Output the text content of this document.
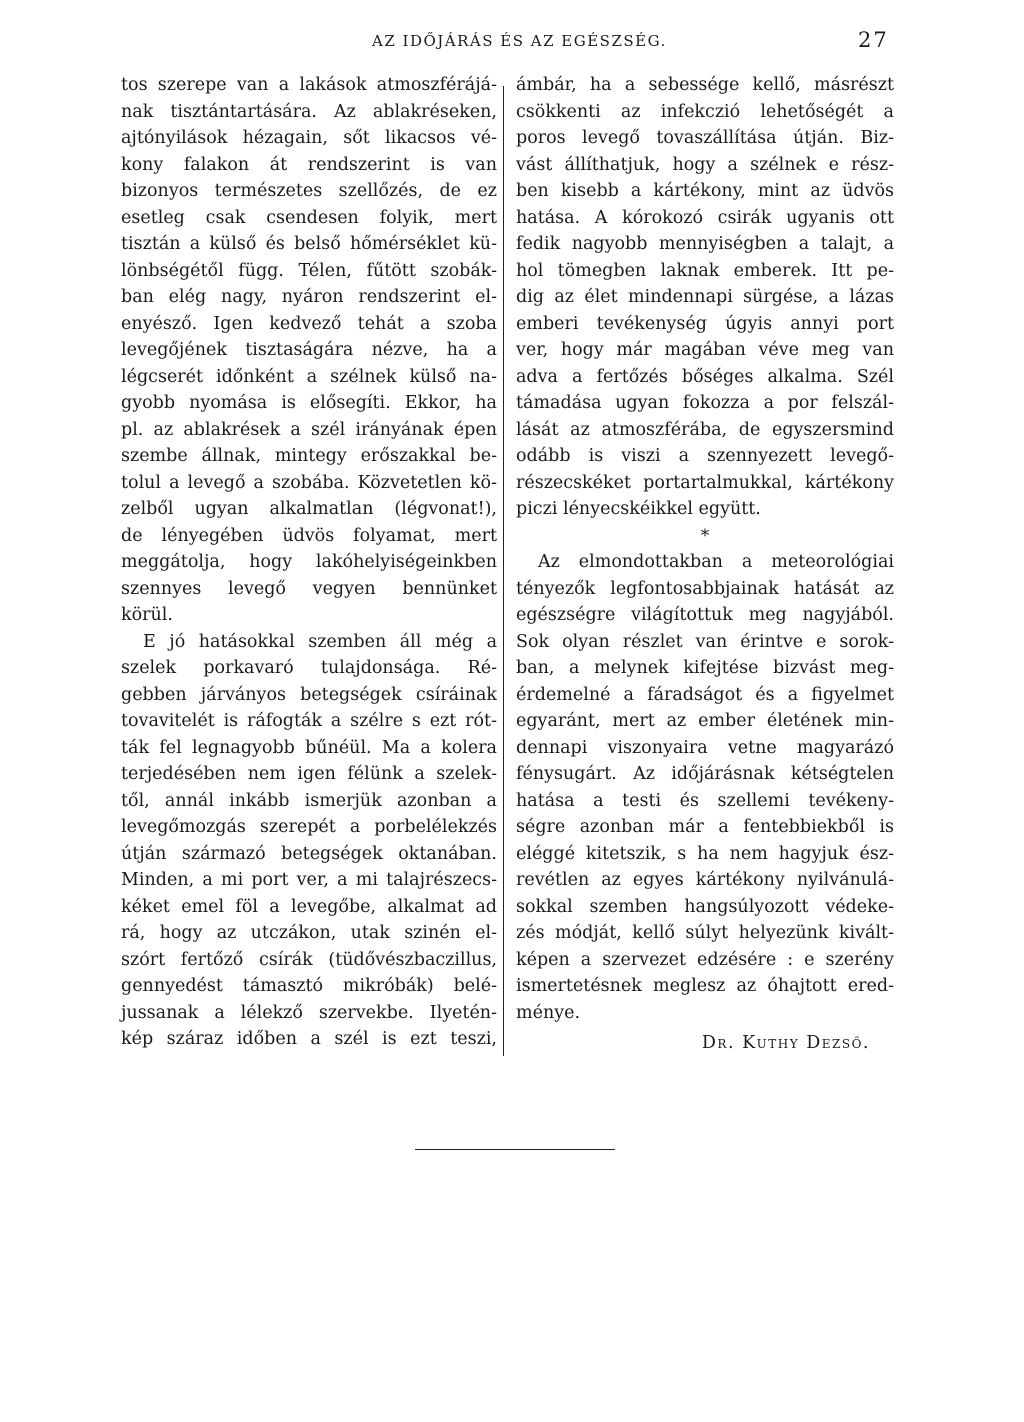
AZ IDŐJÁRÁS ÉS AZ EGÉSZSÉG.	27
tos szerepe van a lakások atmoszférájá-
nak tisztántartására. Az ablakréseken,
ajtónyilások hézagain, sőt likacsos vé-
kony falakon át rendszerint is van
bizonyos természetes szellőzés, de ez
esetleg csak csendesen folyik, mert
tisztán a külső és belső hőmérséklet kü-
lönbségétől függ. Télen, fűtött szobák-
ban elég nagy, nyáron rendszerint el-
enyésző. Igen kedvező tehát a szoba
levegőjének tisztaságára nézve, ha a
légcserét időnként a szélnek külső na-
gyobb nyomása is elősegíti. Ekkor, ha
pl. az ablakrések a szél irányának épen
szembe állnak, mintegy erőszakkal be-
tolul a levegő a szobába. Közvetetlen kö-
zelből ugyan alkalmatlan (légvonat!),
de lényegében üdvös folyamat, mert
meggátolja, hogy lakóhelyiségeinkben
szennyes levegő vegyen bennünket
körül.
E jó hatásokkal szemben áll még a
szelek porkavaró tulajdonsága. Ré-
gebben járványos betegségek csíráinak
tovavitelét is ráfogták a szélre s ezt rót-
ták fel legnagyobb bűnéül. Ma a kolera
terjedésében nem igen félünk a szelek-
től, annál inkább ismerjük azonban a
levegőmozgás szerepét a porbelélekzés
útján származó betegségek oktanában.
Minden, a mi port ver, a mi talajrészecs-
kéket emel föl a levegőbe, alkalmat ad
rá, hogy az utczákon, utak szinén el-
szórt fertőző csírák (tüdővészbaczillus,
gennyedést támasztó mikróbák) belé-
jussanak a lélekző szervekbe. Ilyetén-
kép száraz időben a szél is ezt teszi,
ámbár, ha a sebessége kellő, másrészt
csökkenti az infekczió lehetőségét a
poros levegő tovaszállítása útján. Biz-
vást állíthatjuk, hogy a szélnek e rész-
ben kisebb a kártékony, mint az üdvös
hatása. A kórokozó csirák ugyanis ott
fedik nagyobb mennyiségben a talajt, a
hol tömegben laknak emberek. Itt pe-
dig az élet mindennapi sürgése, a lázas
emberi tevékenység úgyis annyi port
ver, hogy már magában véve meg van
adva a fertőzés bőséges alkalma. Szél
támadása ugyan fokozza a por felszál-
lását az atmoszférába, de egyszersmind
odább is viszi a szennyezett levegő-
részecskéket portartalmukkal, kártékony
piczi lényecskéikkel együtt.
*
Az elmondottakban a meteorológiai
tényezők legfontosabbjainak hatását az
egészségre világítottuk meg nagyjából.
Sok olyan részlet van érintve e sorok-
ban, a melynek kifejtése bizvást meg-
érdemelné a fáradságot és a figyelmet
egyaránt, mert az ember életének min-
dennapi viszonyaira vetne magyarázó
fénysugárt. Az időjárásnak kétségtelen
hatása a testi és szellemi tevékeny-
ségre azonban már a fentebbiekből is
eléggé kitetszik, s ha nem hagyjuk ész-
revétlen az egyes kártékony nyilvánulá-
sokkal szemben hangsúlyozott védeke-
zés módját, kellő súlyt helyezünk kivált-
képen a szervezet edzésére : e szerény
ismertetésnek meglesz az óhajtott ered-
ménye.
Dr. Kuthy Dezső.
